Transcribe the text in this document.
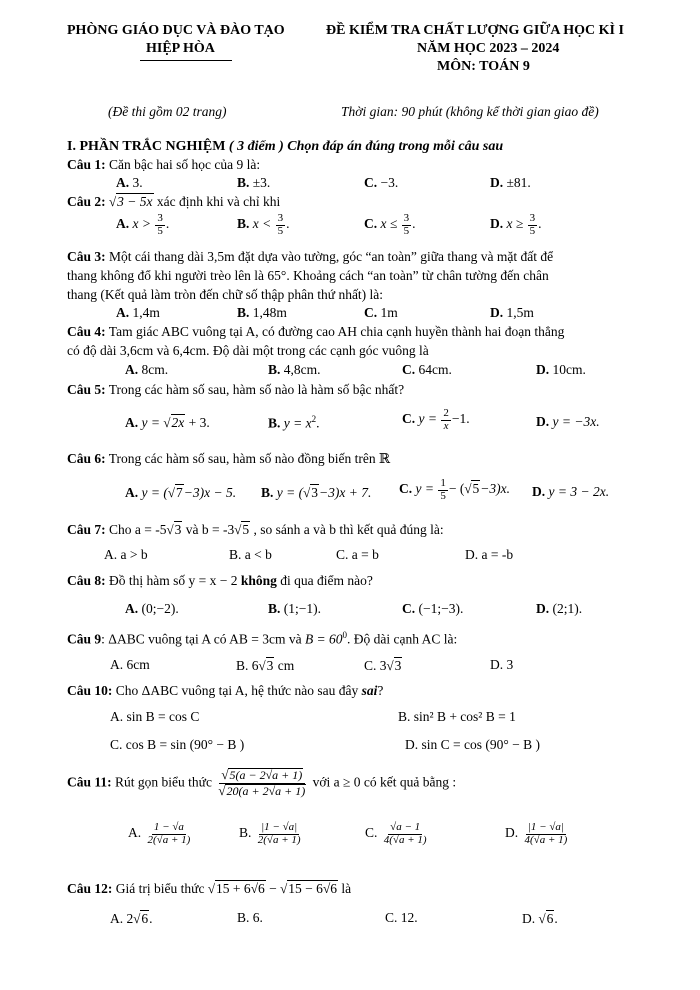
PHÒNG GIÁO DỤC VÀ ĐÀO TẠO
HIỆP HÒA
(Đề thi gồm 02 trang)
ĐỀ KIỂM TRA CHẤT LƯỢNG GIỮA HỌC KÌ I
NĂM HỌC 2023 – 2024
MÔN: TOÁN 9
Thời gian: 90 phút (không kể thời gian giao đề)
I. PHẦN TRẮC NGHIỆM ( 3 điểm ) Chọn đáp án đúng trong mỗi câu sau
Câu 1: Căn bậc hai số học của 9 là:
A. 3.	B. ±3.	C. −3.	D. ±81.
Câu 2: √3 − 5x xác định khi và chỉ khi
A. $x > \frac{3}{5}$ .	B. $x < \frac{3}{5}$ .	C. $x \le \frac{3}{5}$ .	D. $x \ge \frac{3}{5}$ .
Câu 3: Một cái thang dài 3,5m đặt dựa vào tường, góc “an toàn” giữa thang và mặt đất để
thang không đổ khi người trèo lên là 65°. Khoảng cách “an toàn” từ chân tường đến chân
thang (Kết quả làm tròn đến chữ số thập phân thứ nhất) là:
A. 1,4m	B. 1,48m	C. 1m	D. 1,5m
Câu 4: Tam giác ABC vuông tại A, có đường cao AH chia cạnh huyền thành hai đoạn thẳng
có độ dài 3,6cm và 6,4cm. Độ dài một trong các cạnh góc vuông là
A. 8cm.	B. 4,8cm.	C. 64cm.	D. 10cm.
Câu 5: Trong các hàm số sau, hàm số nào là hàm số bậc nhất?
A. y = √2x + 3.	B. $y = x^2$.	C. $y = \frac{2}{x} -1$.	D. y = −3x.
Câu 6: Trong các hàm số sau, hàm số nào đồng biến trên ℝ
A. y = (√7−3)x − 5. B. y = (√3−3)x + 7. C. $y = \frac{1}{5} - (√5-3)x$. D. y = 3 − 2x.
Câu 7: Cho a = -5√3 và b = -3√5 , so sánh a và b thì kết quả đúng là:
A. a > b	B. a < b	C. a = b	D. a = -b
Câu 8: Đồ thị hàm số y = x − 2 không đi qua điểm nào?
A. (0;−2).	B. (1;−1).	C. (−1;−3).	D. (2;1).
Câu 9: ΔABC vuông tại A có AB = 3cm và $B = 60^0$. Độ dài cạnh AC là:
A. 6cm	B. 6√3 cm	C. 3√3	D. 3
Câu 10: Cho ΔABC vuông tại A, hệ thức nào sau đây sai?
A. sin B = cos C	B. sin² B + cos² B = 1
C. cos B = sin (90° − B )	D. sin C = cos (90° − B )
Câu 11: Rút gọn biểu thức $\frac{√5(a - 2√a + 1)}{√20(a + 2√a + 1)}$ với a ≥ 0 có kết quả bằng :
A. $\frac{1 - √a}{2(√a + 1)}$	B. $\frac{|1 - √a|}{2(√a + 1)}$	C. $\frac{√a - 1}{4(√a + 1)}$	D. $\frac{|1 - √a|}{4(√a + 1)}$
Câu 12: Giá trị biểu thức √15 + 6√6 − √15 − 6√6 là
A. 2√6.	B. 6.	C. 12.	D. √6.
